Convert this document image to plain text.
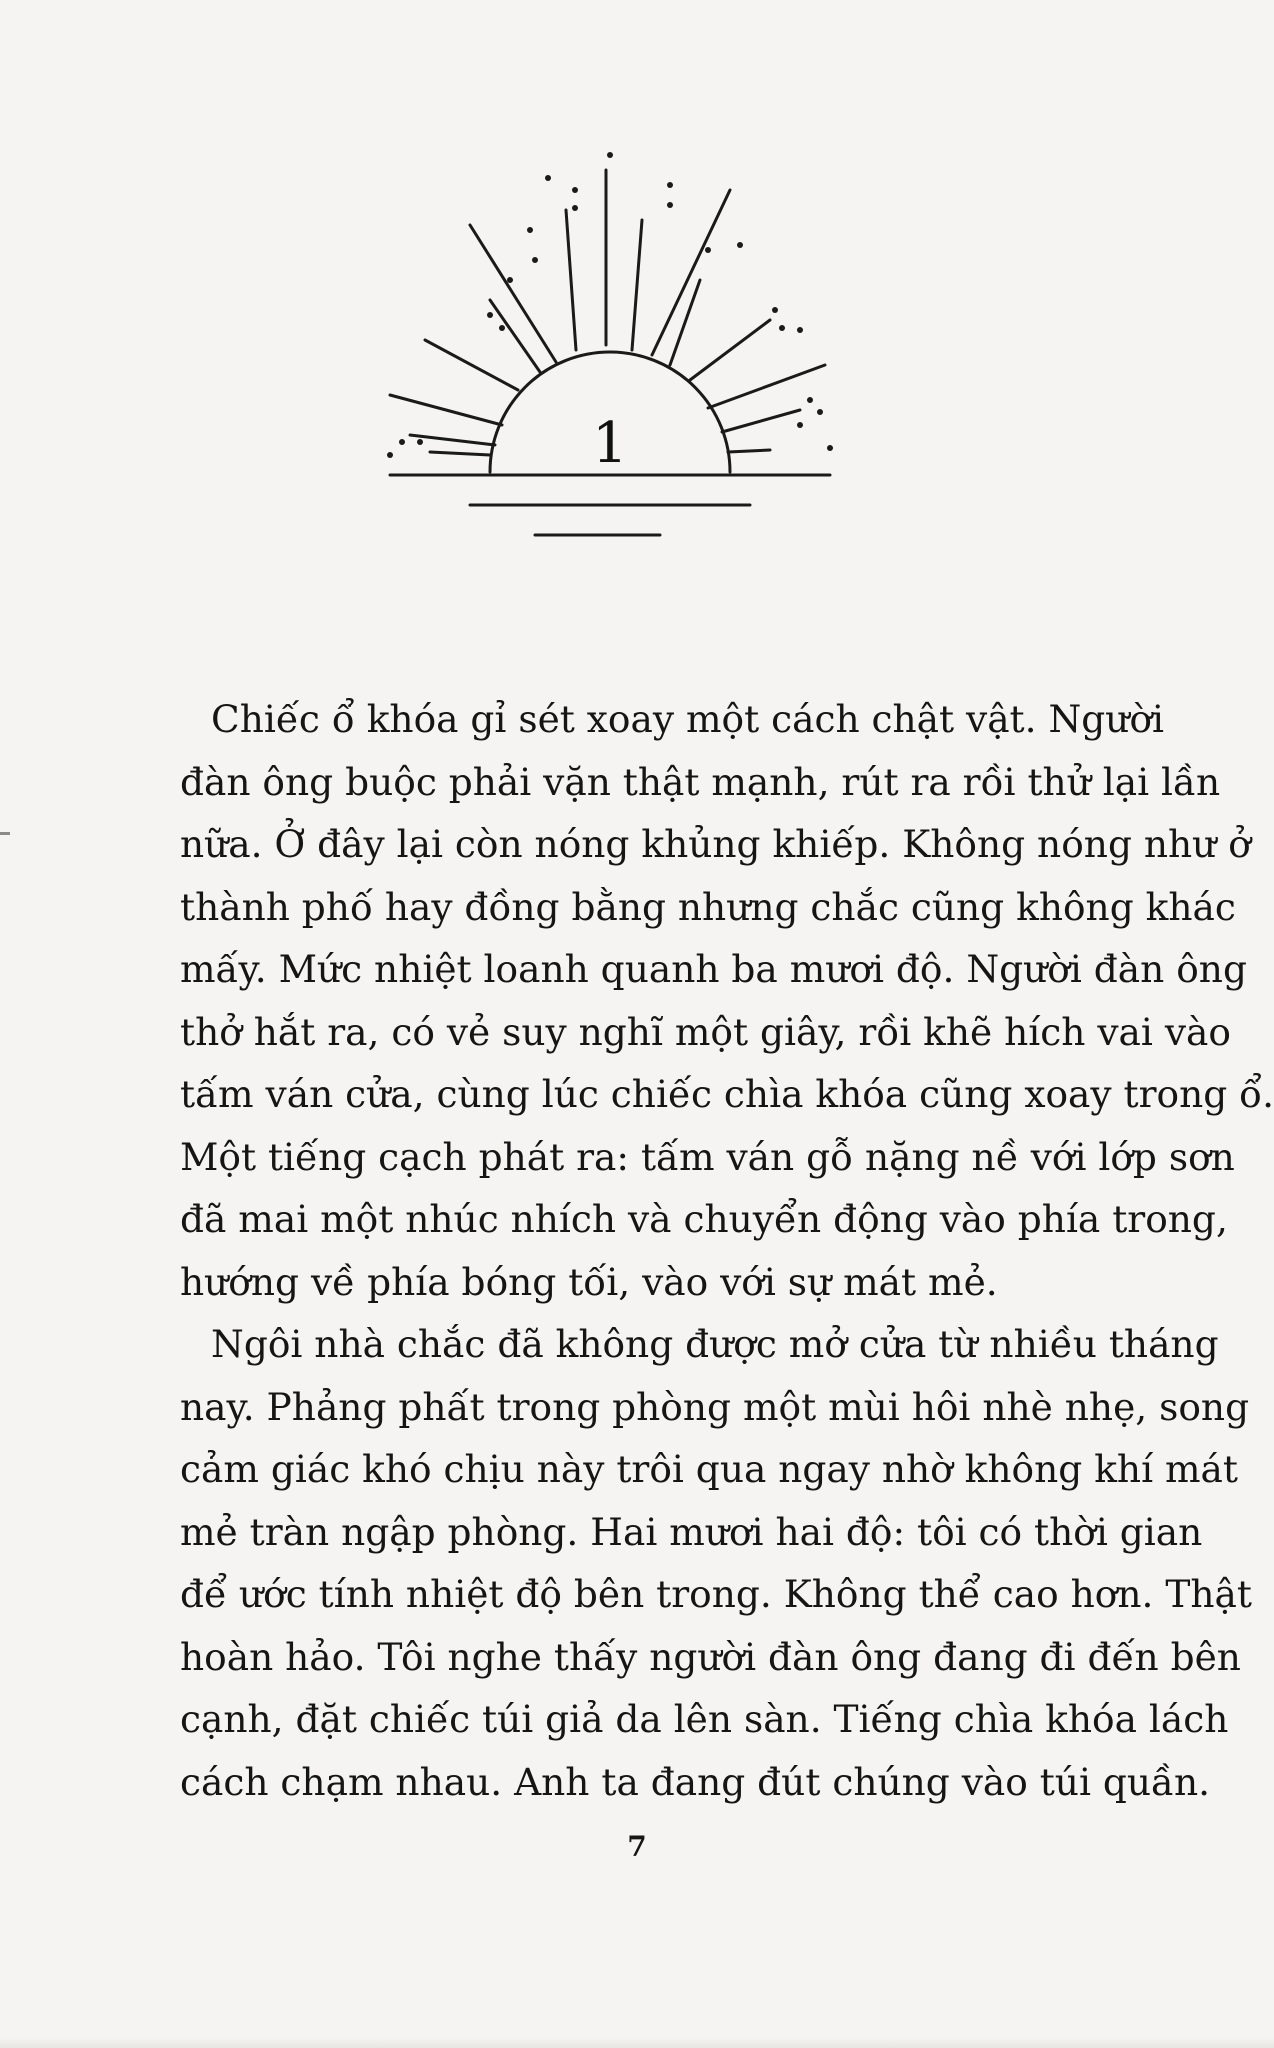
1
Chiếc ổ khóa gỉ sét xoay một cách chật vật. Người
đàn ông buộc phải vặn thật mạnh, rút ra rồi thử lại lần
nữa. Ở đây lại còn nóng khủng khiếp. Không nóng như ở
thành phố hay đồng bằng nhưng chắc cũng không khác
mấy. Mức nhiệt loanh quanh ba mươi độ. Người đàn ông
thở hắt ra, có vẻ suy nghĩ một giây, rồi khẽ hích vai vào
tấm ván cửa, cùng lúc chiếc chìa khóa cũng xoay trong ổ.
Một tiếng cạch phát ra: tấm ván gỗ nặng nề với lớp sơn
đã mai một nhúc nhích và chuyển động vào phía trong,
hướng về phía bóng tối, vào với sự mát mẻ.
Ngôi nhà chắc đã không được mở cửa từ nhiều tháng
nay. Phảng phất trong phòng một mùi hôi nhè nhẹ, song
cảm giác khó chịu này trôi qua ngay nhờ không khí mát
mẻ tràn ngập phòng. Hai mươi hai độ: tôi có thời gian
để ước tính nhiệt độ bên trong. Không thể cao hơn. Thật
hoàn hảo. Tôi nghe thấy người đàn ông đang đi đến bên
cạnh, đặt chiếc túi giả da lên sàn. Tiếng chìa khóa lách
cách chạm nhau. Anh ta đang đút chúng vào túi quần.
7
